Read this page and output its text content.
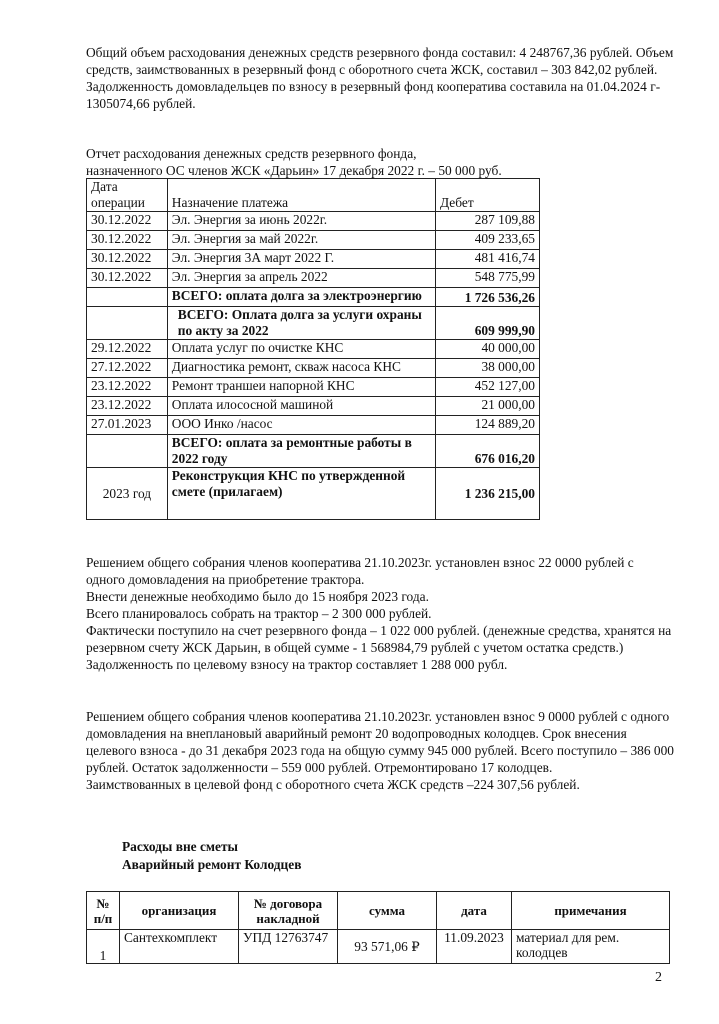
Общий объем расходования денежных средств резервного фонда составил: 4 248767,36 рублей. Объем средств, заимствованных в резервный фонд с оборотного счета ЖСК, составил – 303 842,02 рублей.

Задолженность домовладельцев по взносу в резервный фонд кооператива составила на 01.04.2024 г- 1305074,66 рублей.

Отчет расходования денежных средств резервного фонда,

назначенного ОС членов ЖСК «Дарьин» 17 декабря 2022 г. – 50 000 руб.

Дата операции	Назначение платежа	Дебет
30.12.2022	Эл. Энергия за июнь 2022г.	287 109,88
30.12.2022	Эл. Энергия за май 2022г.	409 233,65
30.12.2022	Эл. Энергия 3А март 2022 Г.	481 416,74
30.12.2022	Эл. Энергия за апрель 2022	548 775,99
	ВСЕГО: оплата долга за электроэнергию	1 726 536,26
	ВСЕГО: Оплата долга за услуги охраны по акту за 2022	609 999,90
29.12.2022	Оплата услуг по очистке КНС	40 000,00
27.12.2022	Диагностика ремонт, скваж насоса КНС	38 000,00
23.12.2022	Ремонт траншеи напорной КНС	452 127,00
23.12.2022	Оплата илососной машиной	21 000,00
27.01.2023	ООО Инко /насос	124 889,20
	ВСЕГО: оплата за ремонтные работы в 2022 году	676 016,20
2023 год	Реконструкция КНС по утвержденной смете (прилагаем)	1 236 215,00

Решением общего собрания членов кооператива 21.10.2023г. установлен взнос 22 0000 рублей с одного домовладения на приобретение трактора.

Внести денежные необходимо было до 15 ноября 2023 года.

Всего планировалось собрать на трактор – 2 300 000 рублей.

Фактически поступило на счет резервного фонда – 1 022 000 рублей. (денежные средства, хранятся на резервном счету ЖСК Дарьин, в общей сумме - 1 568984,79 рублей с учетом остатка средств.)

Задолженность по целевому взносу на трактор составляет 1 288 000 рубл.

Решением общего собрания членов кооператива 21.10.2023г. установлен взнос 9 0000 рублей с одного домовладения на внеплановый аварийный ремонт 20 водопроводных колодцев. Срок внесения целевого взноса - до 31 декабря 2023 года на общую сумму 945 000 рублей. Всего поступило – 386 000 рублей. Остаток задолженности – 559 000 рублей. Отремонтировано 17 колодцев.

Заимствованных в целевой фонд с оборотного счета ЖСК средств –224 307,56 рублей.

Расходы вне сметы
Аварийный ремонт Колодцев
№ п/п	организация	№ договора накладной	сумма	дата	примечания
1	Сантехкомплект	УПД 12763747	93 571,06 ₽	11.09.2023	материал для рем. колодцев
2
